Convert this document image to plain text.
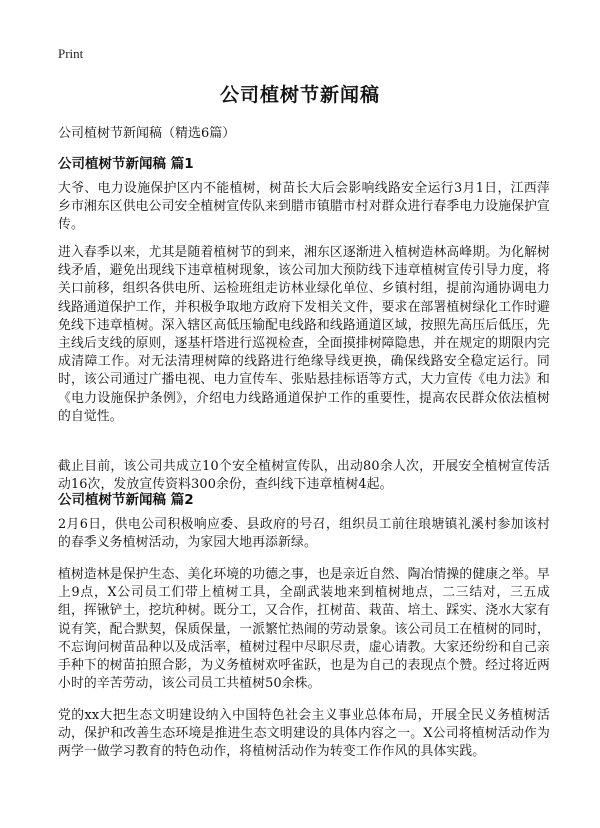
Print
公司植树节新闻稿

公司植树节新闻稿（精选6篇）

公司植树节新闻稿 篇1

大爷、电力设施保护区内不能植树，树苗长大后会影响线路安全运行3月1日，江西萍乡市湘东区供电公司安全植树宣传队来到腊市镇腊市村对群众进行春季电力设施保护宣传。

进入春季以来，尤其是随着植树节的到来，湘东区逐渐进入植树造林高峰期。为化解树线矛盾，避免出现线下违章植树现象，该公司加大预防线下违章植树宣传引导力度，将关口前移，组织各供电所、运检班组走访林业绿化单位、乡镇村组，提前沟通协调电力线路通道保护工作，并积极争取地方政府下发相关文件，要求在部署植树绿化工作时避免线下违章植树。深入辖区高低压输配电线路和线路通道区域，按照先高压后低压，先主线后支线的原则，逐基杆塔进行巡视检查，全面摸排树障隐患，并在规定的期限内完成清障工作。对无法清理树障的线路进行绝缘导线更换，确保线路安全稳定运行。同时，该公司通过广播电视、电力宣传车、张贴悬挂标语等方式，大力宣传《电力法》和《电力设施保护条例》，介绍电力线路通道保护工作的重要性，提高农民群众依法植树的自觉性。

截止目前，该公司共成立10个安全植树宣传队，出动80余人次，开展安全植树宣传活动16次，发放宣传资料300余份，查纠线下违章植树4起。

公司植树节新闻稿 篇2

2月6日，供电公司积极响应委、县政府的号召，组织员工前往琅塘镇礼溪村参加该村的春季义务植树活动，为家园大地再添新绿。

植树造林是保护生态、美化环境的功德之事，也是亲近自然、陶冶情操的健康之举。早上9点，X公司员工们带上植树工具，全副武装地来到植树地点，二三结对，三五成组，挥锹铲土，挖坑种树。既分工，又合作，扛树苗、栽苗、培土、踩实、浇水大家有说有笑，配合默契，保质保量，一派繁忙热闹的劳动景象。该公司员工在植树的同时，不忘询问树苗品种以及成活率，植树过程中尽职尽责，虚心请教。大家还纷纷和自己亲手种下的树苗拍照合影，为义务植树欢呼雀跃，也是为自己的表现点个赞。经过将近两小时的辛苦劳动，该公司员工共植树50余株。

党的xx大把生态文明建设纳入中国特色社会主义事业总体布局，开展全民义务植树活动，保护和改善生态环境是推进生态文明建设的具体内容之一。X公司将植树活动作为两学一做学习教育的特色动作，将植树活动作为转变工作作风的具体实践。
